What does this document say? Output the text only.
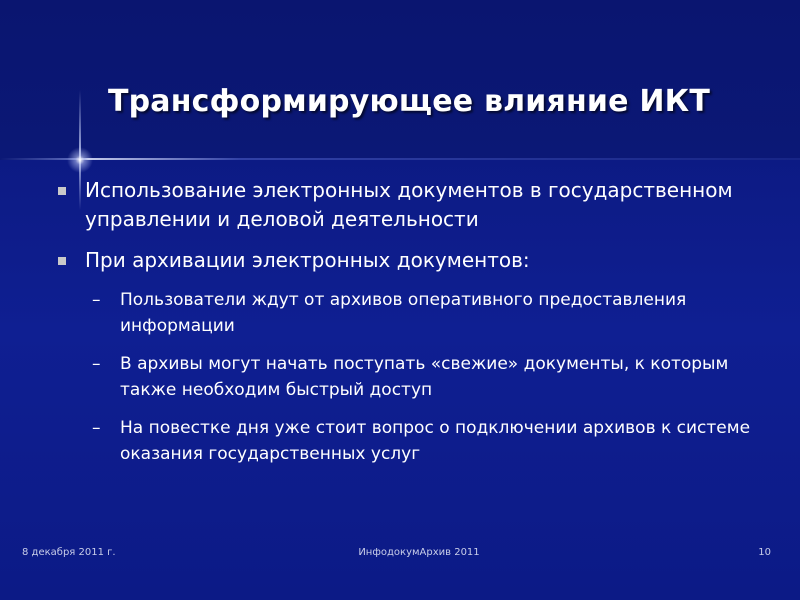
Трансформирующее влияние ИКТ
Использование электронных документов в государственном управлении и деловой деятельности
При архивации электронных документов:
– Пользователи ждут от архивов оперативного предоставления информации
– В архивы могут начать поступать «свежие» документы, к которым также необходим быстрый доступ
– На повестке дня уже стоит вопрос о подключении архивов к системе оказания государственных услуг
8 декабря 2011 г.	ИнфодокумАрхив 2011	10
